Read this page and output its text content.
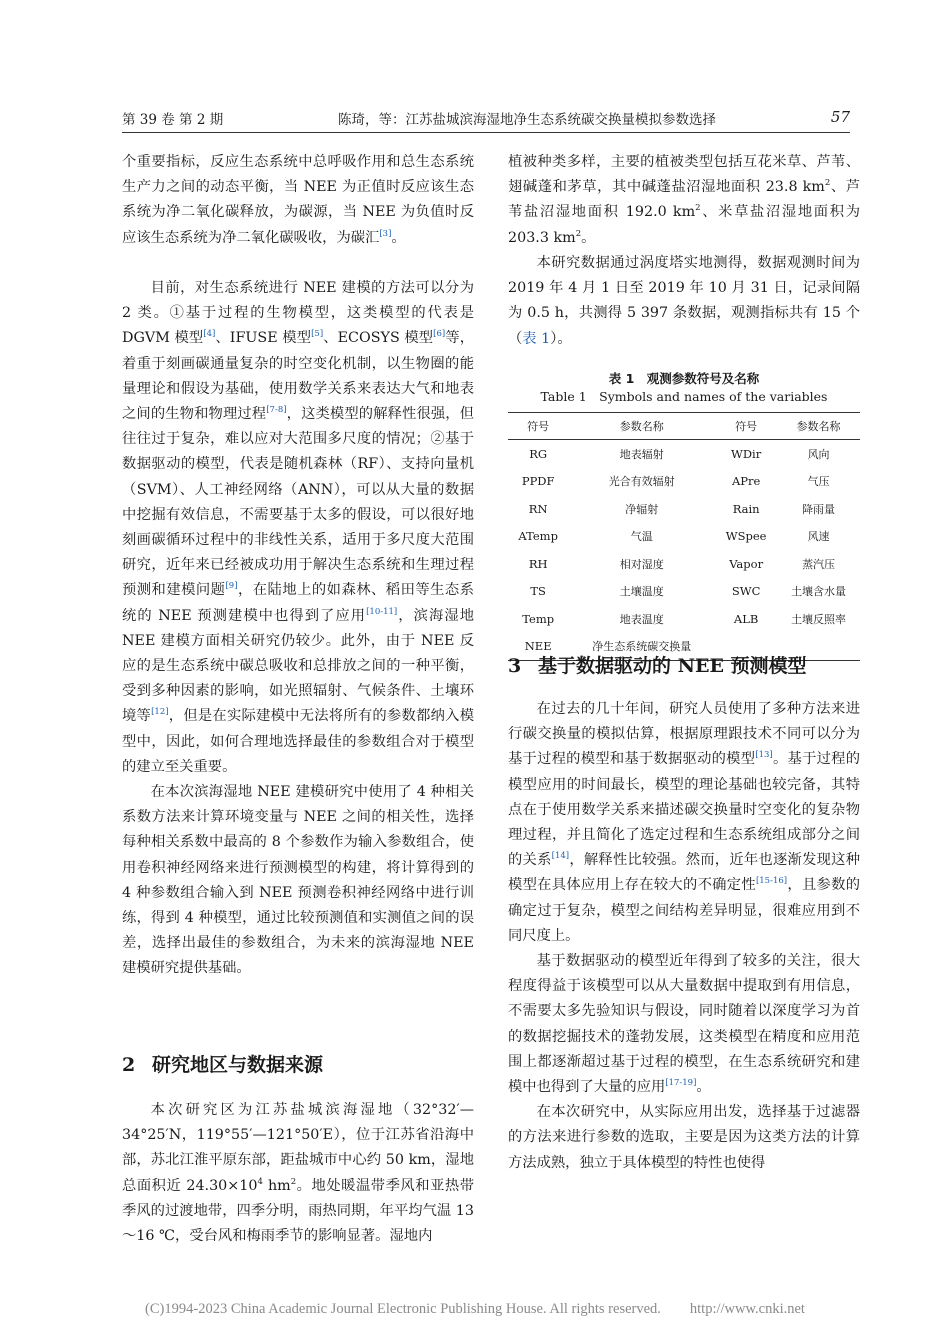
第 39 卷 第 2 期	陈琦，等：江苏盐城滨海湿地净生态系统碳交换量模拟参数选择	57

个重要指标，反应生态系统中总呼吸作用和总生态系统生产力之间的动态平衡，当 NEE 为正值时反应该生态系统为净二氧化碳释放，为碳源，当 NEE 为负值时反应该生态系统为净二氧化碳吸收，为碳汇[3]。

目前，对生态系统进行 NEE 建模的方法可以分为 2 类。①基于过程的生物模型，这类模型的代表是 DGVM 模型[4]、IFUSE 模型[5]、ECOSYS 模型[6]等，着重于刻画碳通量复杂的时空变化机制，以生物圈的能量理论和假设为基础，使用数学关系来表达大气和地表之间的生物和物理过程[7-8]，这类模型的解释性很强，但往往过于复杂，难以应对大范围多尺度的情况；②基于数据驱动的模型，代表是随机森林（RF）、支持向量机（SVM）、人工神经网络（ANN），可以从大量的数据中挖掘有效信息，不需要基于太多的假设，可以很好地刻画碳循环过程中的非线性关系，适用于多尺度大范围研究，近年来已经被成功用于解决生态系统和生理过程预测和建模问题[9]，在陆地上的如森林、稻田等生态系统的 NEE 预测建模中也得到了应用[10-11]，滨海湿地 NEE 建模方面相关研究仍较少。此外，由于 NEE 反应的是生态系统中碳总吸收和总排放之间的一种平衡，受到多种因素的影响，如光照辐射、气候条件、土壤环境等[12]，但是在实际建模中无法将所有的参数都纳入模型中，因此，如何合理地选择最佳的参数组合对于模型的建立至关重要。

在本次滨海湿地 NEE 建模研究中使用了 4 种相关系数方法来计算环境变量与 NEE 之间的相关性，选择每种相关系数中最高的 8 个参数作为输入参数组合，使用卷积神经网络来进行预测模型的构建，将计算得到的 4 种参数组合输入到 NEE 预测卷积神经网络中进行训练，得到 4 种模型，通过比较预测值和实测值之间的误差，选择出最佳的参数组合，为未来的滨海湿地 NEE 建模研究提供基础。

2 研究地区与数据来源

本次研究区为江苏盐城滨海湿地（32°32′—34°25′N，119°55′—121°50′E），位于江苏省沿海中部，苏北江淮平原东部，距盐城市中心约 50 km，湿地总面积近 $24.30\times 10^4$ $hm^2$。地处暖温带季风和亚热带季风的过渡地带，四季分明，雨热同期，年平均气温 13～16 ℃，受台风和梅雨季节的影响显著。湿地内

植被种类多样，主要的植被类型包括互花米草、芦苇、翅碱蓬和茅草，其中碱蓬盐沼湿地面积 23.8 $km^2$、芦苇盐沼湿地面积 192.0 $km^2$、米草盐沼湿地面积为 203.3 $km^2$。

本研究数据通过涡度塔实地测得，数据观测时间为 2019 年 4 月 1 日至 2019 年 10 月 31 日，记录间隔为 0.5 h，共测得 5 397 条数据，观测指标共有 15 个（表 1）。

表 1　观测参数符号及名称

Table 1　Symbols and names of the variables

符号	参数名称	符号	参数名称
RG	地表辐射	WDir	风向
PPDF	光合有效辐射	APre	气压
RN	净辐射	Rain	降雨量
ATemp	气温	WSpee	风速
RH	相对湿度	Vapor	蒸汽压
TS	土壤温度	SWC	土壤含水量
Temp	地表温度	ALB	土壤反照率
NEE	净生态系统碳交换量		
3 基于数据驱动的 NEE 预测模型

在过去的几十年间，研究人员使用了多种方法来进行碳交换量的模拟估算，根据原理跟技术不同可以分为基于过程的模型和基于数据驱动的模型[13]。基于过程的模型应用的时间最长，模型的理论基础也较完备，其特点在于使用数学关系来描述碳交换量时空变化的复杂物理过程，并且简化了选定过程和生态系统组成部分之间的关系[14]，解释性比较强。然而，近年也逐渐发现这种模型在具体应用上存在较大的不确定性[15-16]，且参数的确定过于复杂，模型之间结构差异明显，很难应用到不同尺度上。

基于数据驱动的模型近年得到了较多的关注，很大程度得益于该模型可以从大量数据中提取到有用信息，不需要太多先验知识与假设，同时随着以深度学习为首的数据挖掘技术的蓬勃发展，这类模型在精度和应用范围上都逐渐超过基于过程的模型，在生态系统研究和建模中也得到了大量的应用[17-19]。

在本次研究中，从实际应用出发，选择基于过滤器的方法来进行参数的选取，主要是因为这类方法的计算方法成熟，独立于具体模型的特性也使得

(C)1994-2023 China Academic Journal Electronic Publishing House. All rights reserved.　　http://www.cnki.net
